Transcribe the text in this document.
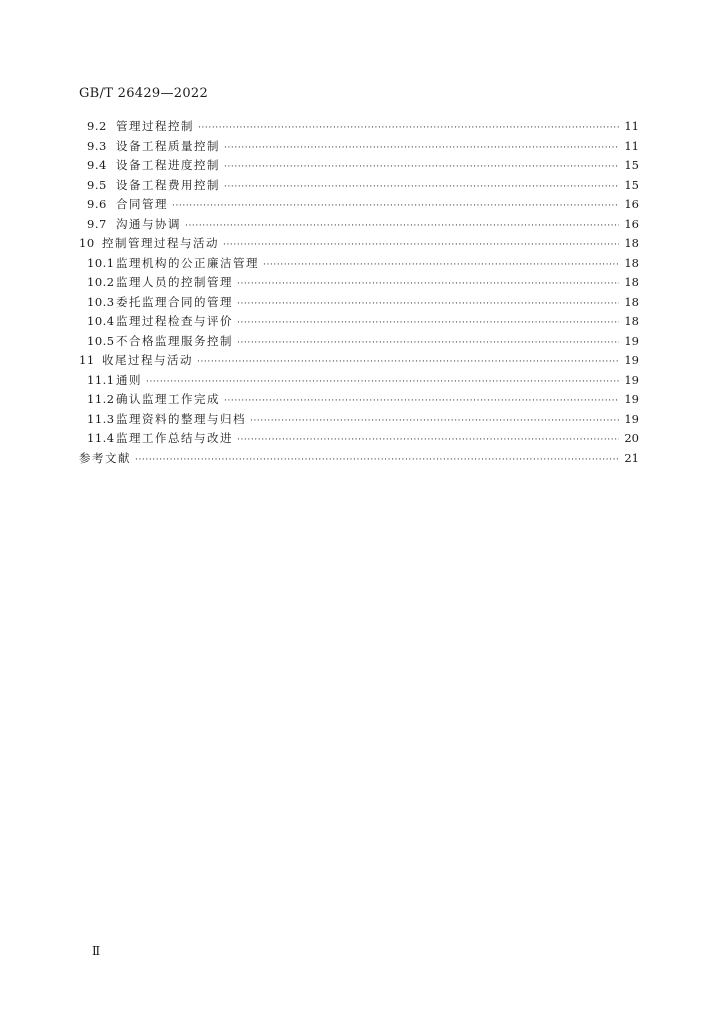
GB/T 26429—2022
9.2 管理过程控制 ·····	11
9.3 设备工程质量控制 ·····	11
9.4 设备工程进度控制 ·····	15
9.5 设备工程费用控制 ·····	15
9.6 合同管理 ·····	16
9.7 沟通与协调 ·····	16
10 控制管理过程与活动 ·····	18
10.1 监理机构的公正廉洁管理 ·····	18
10.2 监理人员的控制管理 ·····	18
10.3 委托监理合同的管理 ·····	18
10.4 监理过程检查与评价 ·····	18
10.5 不合格监理服务控制 ·····	19
11 收尾过程与活动 ·····	19
11.1 通则 ·····	19
11.2 确认监理工作完成 ·····	19
11.3 监理资料的整理与归档 ·····	19
11.4 监理工作总结与改进 ·····	20
参考文献 ·····	21
Ⅱ
